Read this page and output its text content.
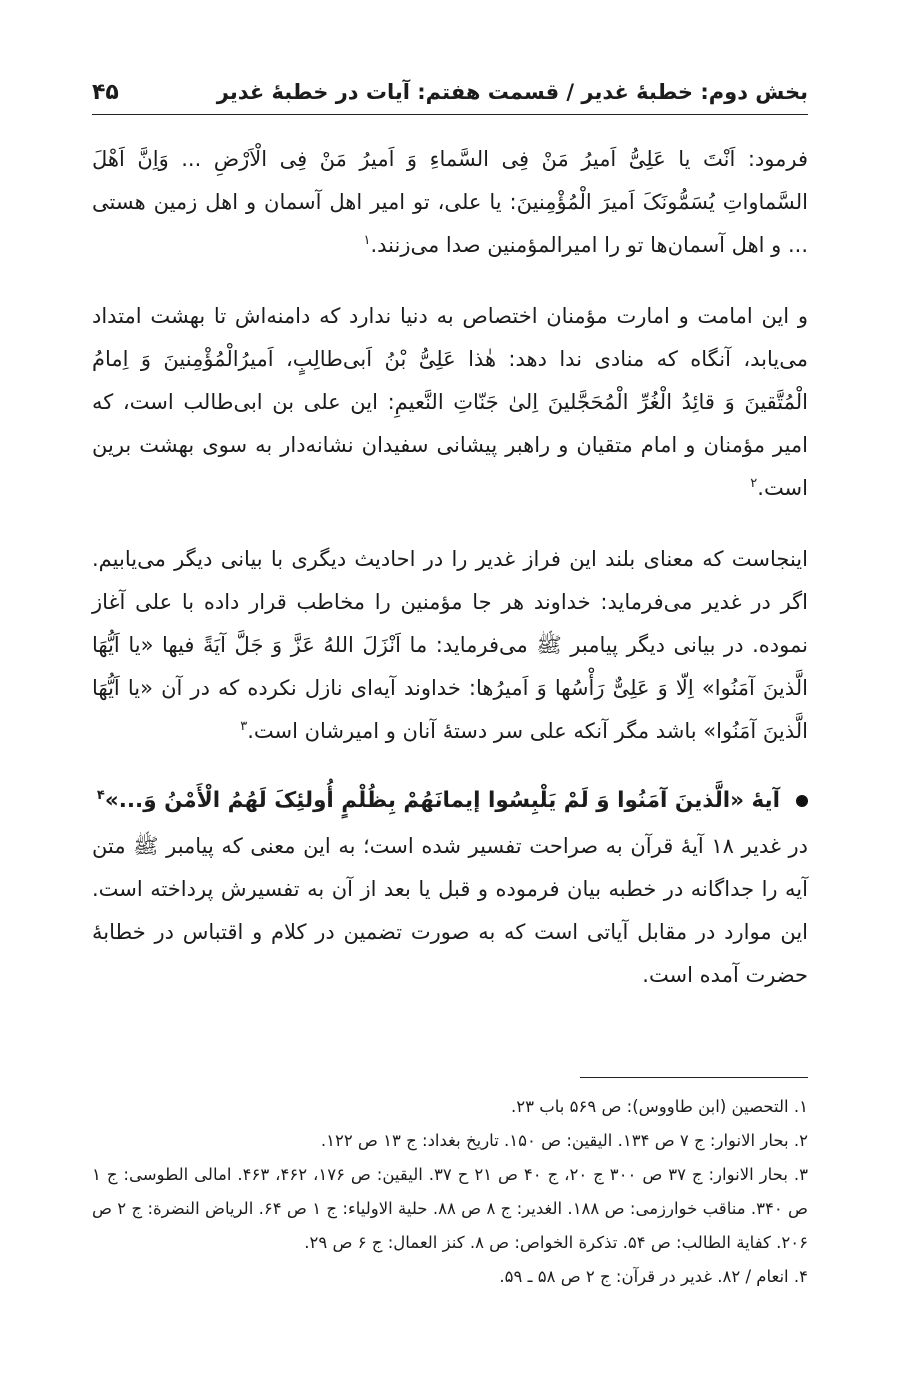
بخش دوم: خطبهٔ غدیر / قسمت هفتم: آیات در خطبهٔ غدیر
۴۵

فرمود: اَنْتَ یا عَلِیُّ اَمیرُ مَنْ فِی السَّماءِ وَ اَمیرُ مَنْ فِی الْاَرْضِ ... وَاِنَّ اَهْلَ السَّماواتِ یُسَمُّونَکَ اَمیرَ الْمُؤْمِنینَ: یا علی، تو امیر اهل آسمان و اهل زمین هستی ... و اهل آسمان‌ها تو را امیرالمؤمنین صدا می‌زنند.$^۱$

و این امامت و امارت مؤمنان اختصاص به دنیا ندارد که دامنه‌اش تا بهشت امتداد می‌یابد، آنگاه که منادی ندا دهد: هٰذا عَلِیُّ بْنُ اَبی‌طالِبٍ، اَمیرُالْمُؤْمِنینَ وَ اِمامُ الْمُتَّقینَ وَ قائِدُ الْغُرِّ الْمُحَجَّلینَ اِلیٰ جَنّاتِ النَّعیمِ: این علی بن ابی‌طالب است، که امیر مؤمنان و امام متقیان و راهبر پیشانی سفیدان نشانه‌دار به سوی بهشت برین است.$^۲$

اینجاست که معنای بلند این فراز غدیر را در احادیث دیگری با بیانی دیگر می‌یابیم. اگر در غدیر می‌فرماید: خداوند هر جا مؤمنین را مخاطب قرار داده با علی آغاز نموده. در بیانی دیگر پیامبر ﷺ می‌فرماید: ما اَنْزَلَ اللهُ عَزَّ وَ جَلَّ آیَةً فیها «یا اَیُّهَا الَّذینَ آمَنُوا» اِلّا وَ عَلِیٌّ رَأْسُها وَ اَمیرُها: خداوند آیه‌ای نازل نکرده که در آن «یا اَیُّهَا الَّذینَ آمَنُوا» باشد مگر آنکه علی سر دستهٔ آنان و امیرشان است.$^۳$

آیهٔ «الَّذینَ آمَنُوا وَ لَمْ یَلْبِسُوا إیمانَهُمْ بِظُلْمٍ أُولئِکَ لَهُمُ الْأَمْنُ وَ...»$^۴$

در غدیر ۱۸ آیهٔ قرآن به صراحت تفسیر شده است؛ به این معنی که پیامبر ﷺ متن آیه را جداگانه در خطبه بیان فرموده و قبل یا بعد از آن به تفسیرش پرداخته است. این موارد در مقابل آیاتی است که به صورت تضمین در کلام و اقتباس در خطابهٔ حضرت آمده است.

۱. التحصین (ابن طاووس): ص ۵۶۹ باب ۲۳.

۲. بحار الانوار: ج ۷ ص ۱۳۴. الیقین: ص ۱۵۰. تاریخ بغداد: ج ۱۳ ص ۱۲۲.

۳. بحار الانوار: ج ۳۷ ص ۳۰۰ ج ۲۰، ج ۴۰ ص ۲۱ ح ۳۷. الیقین: ص ۱۷۶، ۴۶۲، ۴۶۳. امالی الطوسی: ج ۱ ص ۳۴۰. مناقب خوارزمی: ص ۱۸۸. الغدیر: ج ۸ ص ۸۸. حلیة الاولیاء: ج ۱ ص ۶۴. الریاض النضرة: ج ۲ ص ۲۰۶. کفایة الطالب: ص ۵۴. تذکرة الخواص: ص ۸. کنز العمال: ج ۶ ص ۲۹.

۴. انعام / ۸۲. غدیر در قرآن: ج ۲ ص ۵۸ ـ ۵۹.
